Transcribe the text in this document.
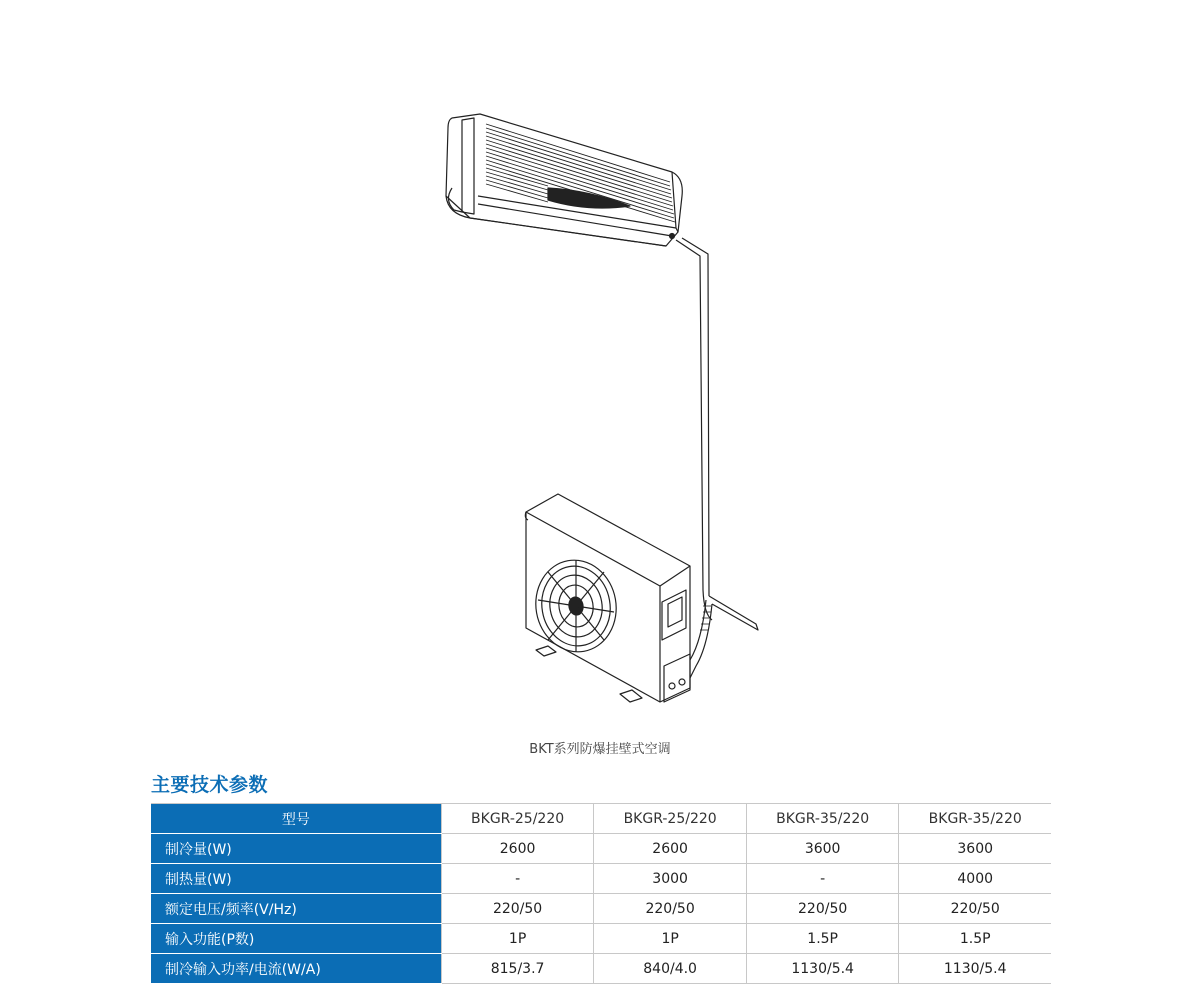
BKT系列防爆挂壁式空调
主要技术参数
型号	BKGR-25/220	BKGR-25/220	BKGR-35/220	BKGR-35/220
制冷量(W)	2600	2600	3600	3600
制热量(W)	-	3000	-	4000
额定电压/频率(V/Hz)	220/50	220/50	220/50	220/50
输入功能(P数)	1P	1P	1.5P	1.5P
制冷输入功率/电流(W/A)	815/3.7	840/4.0	1130/5.4	1130/5.4
